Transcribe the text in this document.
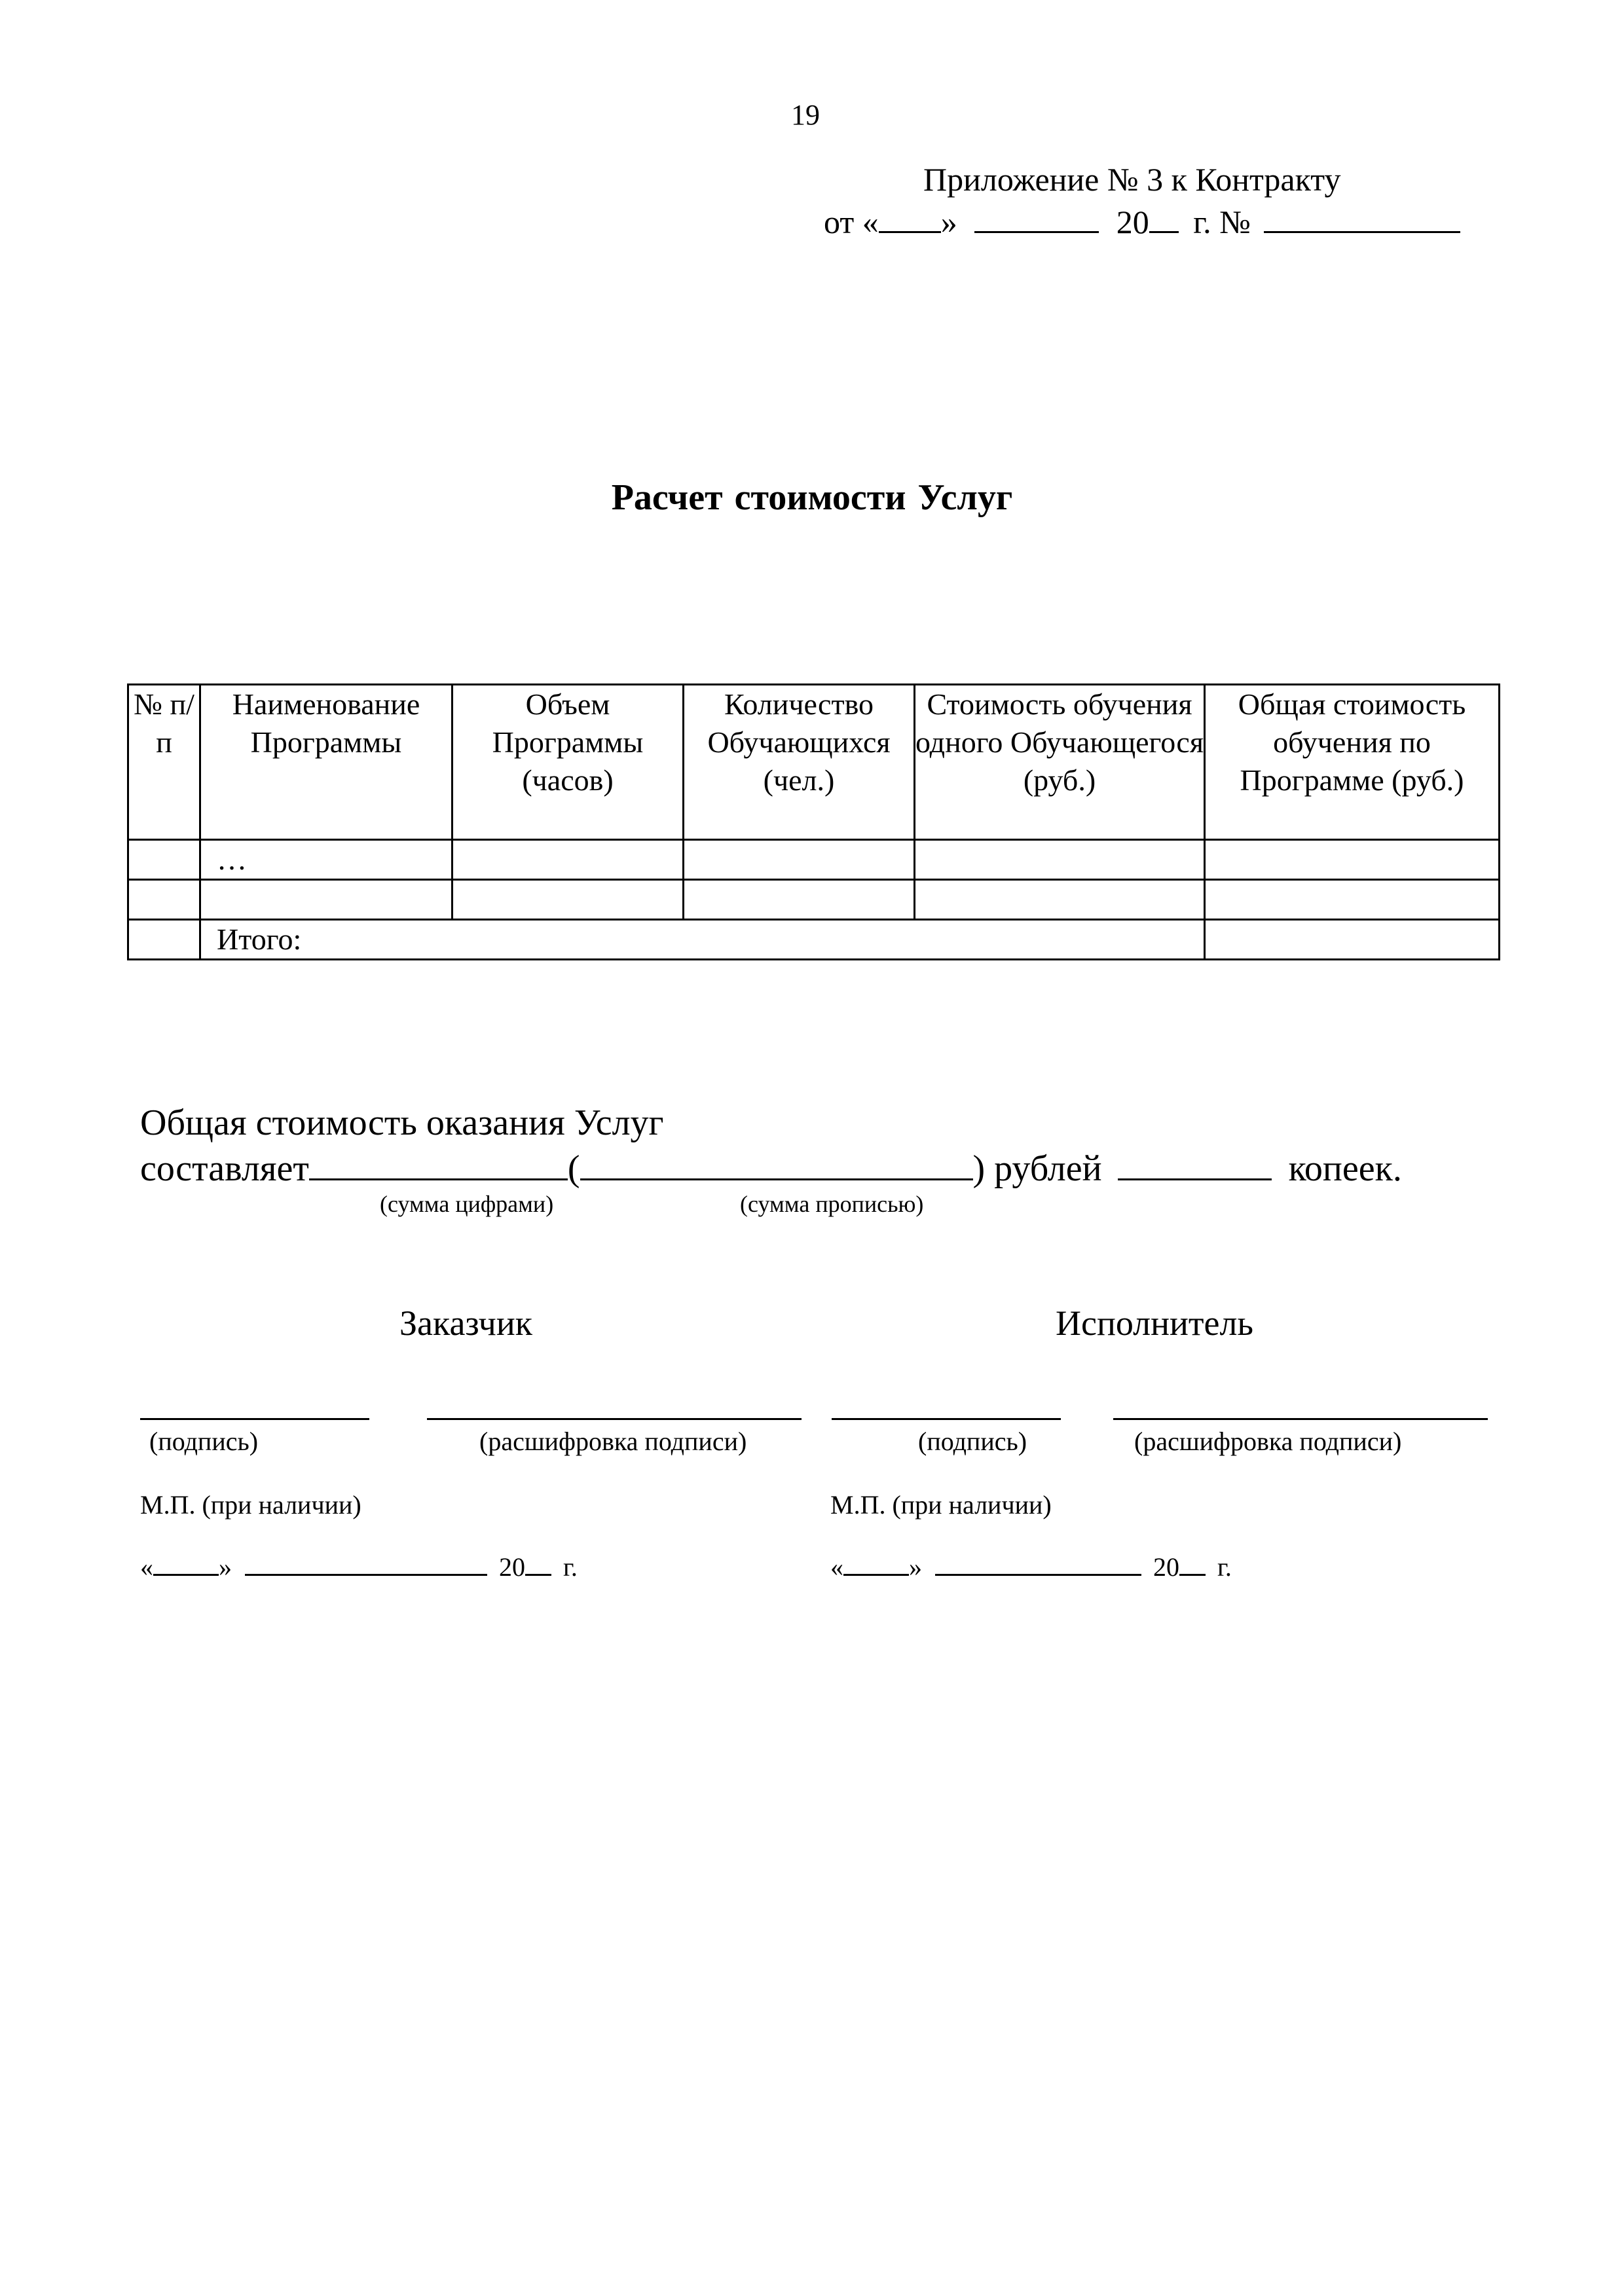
19
Приложение № 3 к Контракту
от « »	20 г. №
Расчет стоимости Услуг
№ п/п	Наименование Программы	Объем Программы (часов)	Количество Обучающихся (чел.)	Стоимость обучения одного Обучающегося (руб.)	Общая стоимость обучения по Программе (руб.)
	…				

	Итого:				
Общая стоимость оказания Услуг
составляет	(	) рублей	копеек.
(сумма цифрами)	(сумма прописью)
Заказчик
(подпись)	(расшифровка подписи)
М.П. (при наличии)
«	»	20 г.
Исполнитель
(подпись)	(расшифровка подписи)
М.П. (при наличии)
«	»	20 г.
